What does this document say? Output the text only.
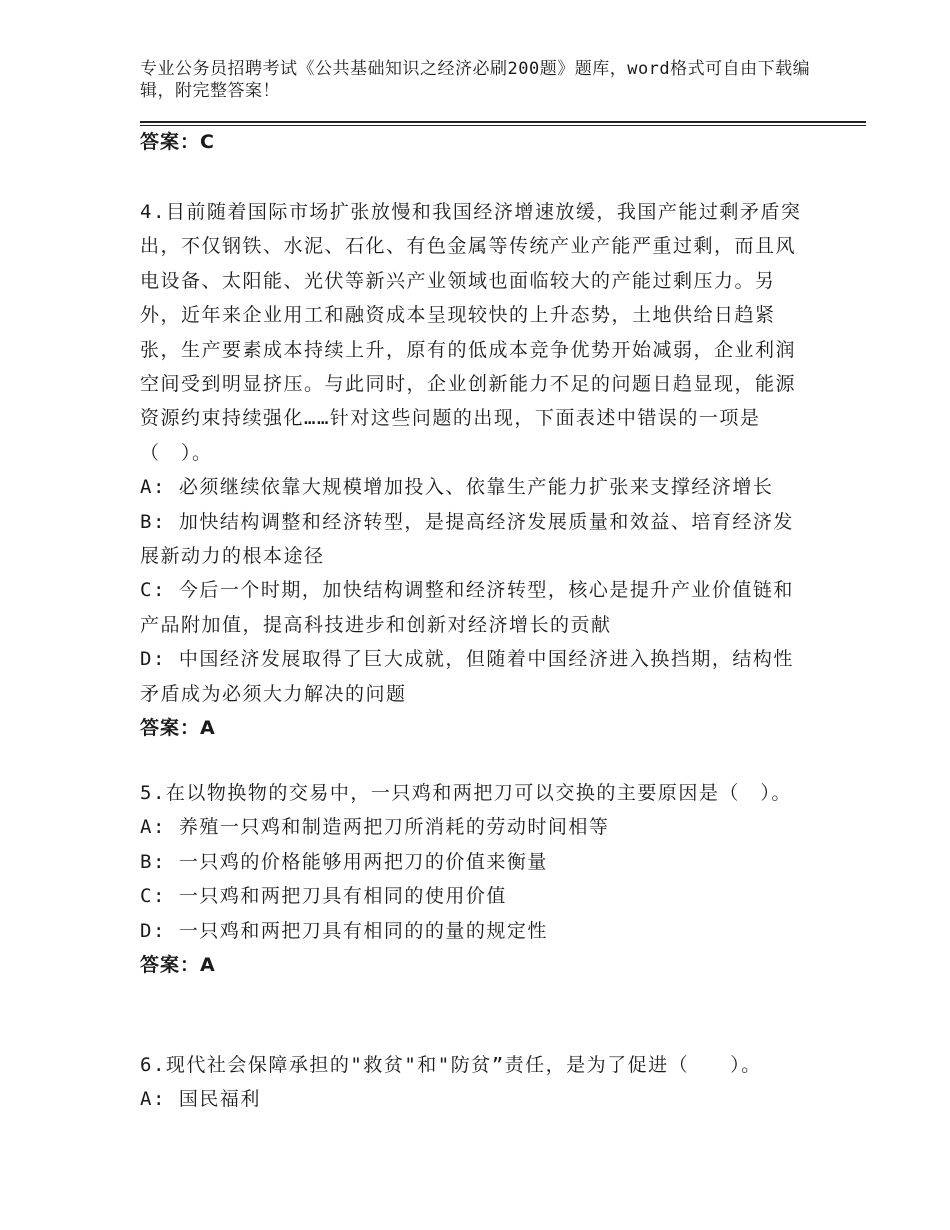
专业公务员招聘考试《公共基础知识之经济必刷200题》题库，word格式可自由下载编辑，附完整答案！
答案：C
4.目前随着国际市场扩张放慢和我国经济增速放缓，我国产能过剩矛盾突出，不仅钢铁、水泥、石化、有色金属等传统产业产能严重过剩，而且风电设备、太阳能、光伏等新兴产业领域也面临较大的产能过剩压力。另外，近年来企业用工和融资成本呈现较快的上升态势，土地供给日趋紧张，生产要素成本持续上升，原有的低成本竞争优势开始减弱，企业利润空间受到明显挤压。与此同时，企业创新能力不足的问题日趋显现，能源资源约束持续强化……针对这些问题的出现，下面表述中错误的一项是（　）。
A: 必须继续依靠大规模增加投入、依靠生产能力扩张来支撑经济增长
B: 加快结构调整和经济转型，是提高经济发展质量和效益、培育经济发展新动力的根本途径
C: 今后一个时期，加快结构调整和经济转型，核心是提升产业价值链和产品附加值，提高科技进步和创新对经济增长的贡献
D: 中国经济发展取得了巨大成就，但随着中国经济进入换挡期，结构性矛盾成为必须大力解决的问题
答案：A
5.在以物换物的交易中，一只鸡和两把刀可以交换的主要原因是（　）。
A: 养殖一只鸡和制造两把刀所消耗的劳动时间相等
B: 一只鸡的价格能够用两把刀的价值来衡量
C: 一只鸡和两把刀具有相同的使用价值
D: 一只鸡和两把刀具有相同的的量的规定性
答案：A
6.现代社会保障承担的"救贫"和"防贫”责任，是为了促进（　　）。
A: 国民福利
